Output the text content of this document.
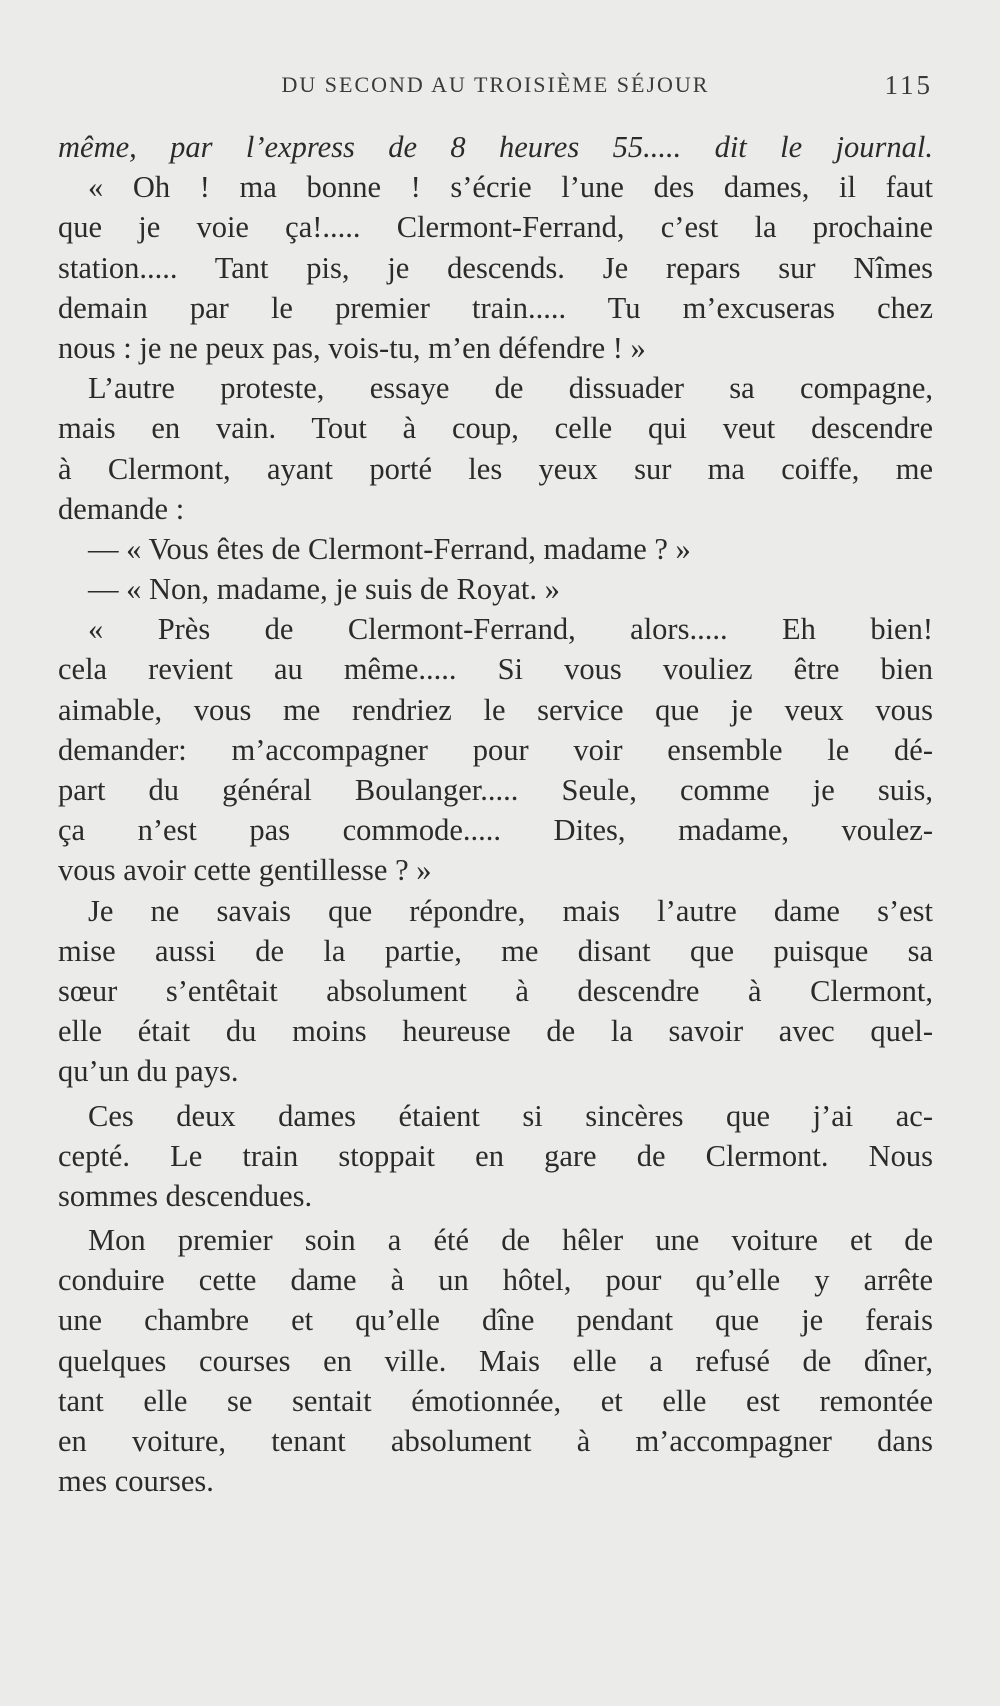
DU SECOND AU TROISIÈME SÉJOUR	115
même, par l’express de 8 heures 55..... dit le journal.
« Oh ! ma bonne ! s’écrie l’une des dames, il faut
que je voie ça!..... Clermont-Ferrand, c’est la prochaine
station..... Tant pis, je descends. Je repars sur Nîmes
demain par le premier train..... Tu m’excuseras chez
nous : je ne peux pas, vois-tu, m’en défendre ! »
L’autre proteste, essaye de dissuader sa compagne,
mais en vain. Tout à coup, celle qui veut descendre
à Clermont, ayant porté les yeux sur ma coiffe, me
demande :
— « Vous êtes de Clermont-Ferrand, madame ? »
— « Non, madame, je suis de Royat. »
« Près de Clermont-Ferrand, alors..... Eh bien!
cela revient au même..... Si vous vouliez être bien
aimable, vous me rendriez le service que je veux vous
demander: m’accompagner pour voir ensemble le dé-
part du général Boulanger..... Seule, comme je suis,
ça n’est pas commode..... Dites, madame, voulez-
vous avoir cette gentillesse ? »
Je ne savais que répondre, mais l’autre dame s’est
mise aussi de la partie, me disant que puisque sa
sœur s’entêtait absolument à descendre à Clermont,
elle était du moins heureuse de la savoir avec quel-
qu’un du pays.
Ces deux dames étaient si sincères que j’ai ac-
cepté. Le train stoppait en gare de Clermont. Nous
sommes descendues.
Mon premier soin a été de hêler une voiture et de
conduire cette dame à un hôtel, pour qu’elle y arrête
une chambre et qu’elle dîne pendant que je ferais
quelques courses en ville. Mais elle a refusé de dîner,
tant elle se sentait émotionnée, et elle est remontée
en voiture, tenant absolument à m’accompagner dans
mes courses.
